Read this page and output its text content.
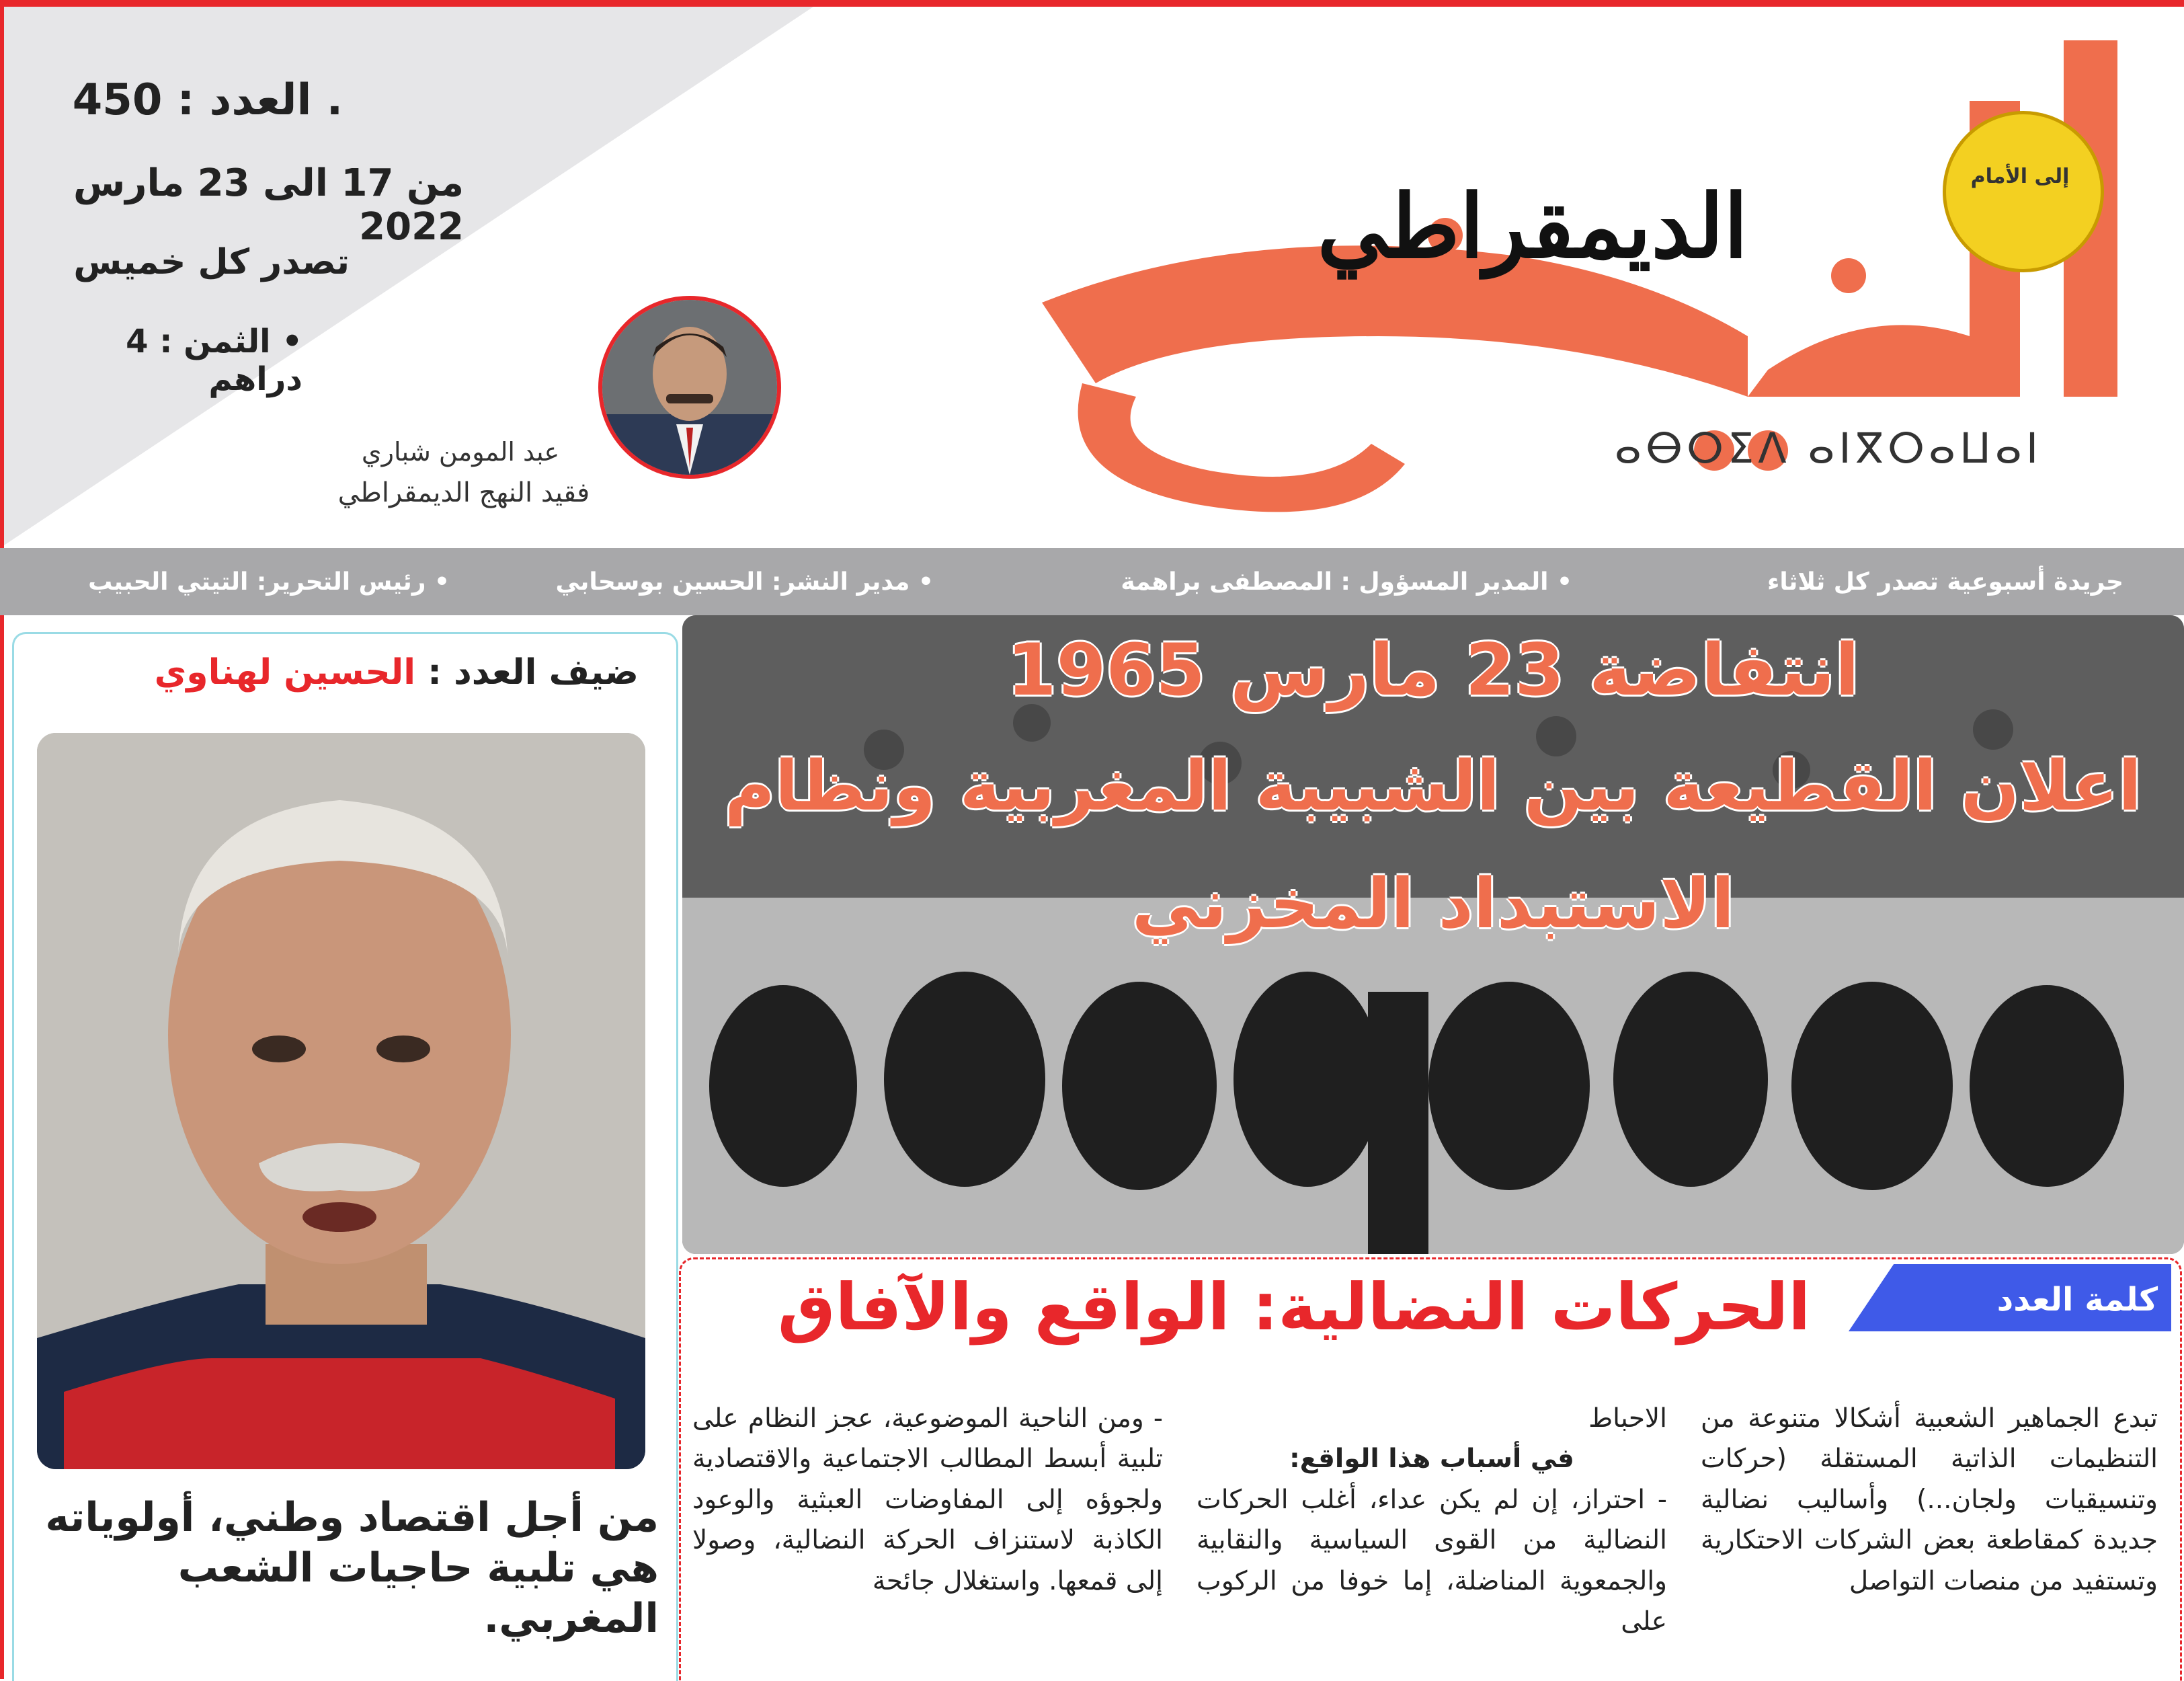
. العدد : 450
من 17 الى 23 مارس 2022
تصدر كل خميس
• الثمن : 4 دراهم
عبد المومن شباري
فقيد النهج الديمقراطي
الديمقراطي
ⴰⴱⵔⵉⴷ ⴰⵏⴳⵔⴰⵡⴰⵏ
إلى الأمام
جريدة أسبوعية تصدر كل ثلاثاء
• المدير المسؤول : المصطفى براهمة
• مدير النشر: الحسين بوسحابي
• رئيس التحرير: التيتي الحبيب
ضيف العدد : الحسين لهناوي
من أجل اقتصاد وطني، أولوياته هي تلبية حاجيات الشعب المغربي.
انتفاضة 23 مارس 1965
اعلان القطيعة بين الشبيبة المغربية ونظام
الاستبداد المخزني
كلمة العدد
الحركات النضالية: الواقع والآفاق
تبدع الجماهير الشعبية أشكالا متنوعة من التنظيمات الذاتية المستقلة (حركات وتنسيقيات ولجان...) وأساليب نضالية جديدة كمقاطعة بعض الشركات الاحتكارية وتستفيد من منصات التواصل
الاحباط
في أسباب هذا الواقع:
- احتراز، إن لم يكن عداء، أغلب الحركات النضالية من القوى السياسية والنقابية والجمعوية المناضلة، إما خوفا من الركوب على
- ومن الناحية الموضوعية، عجز النظام على تلبية أبسط المطالب الاجتماعية والاقتصادية ولجوؤه إلى المفاوضات العبثية والوعود الكاذبة لاستنزاف الحركة النضالية، وصولا إلى قمعها. واستغلال جائحة
